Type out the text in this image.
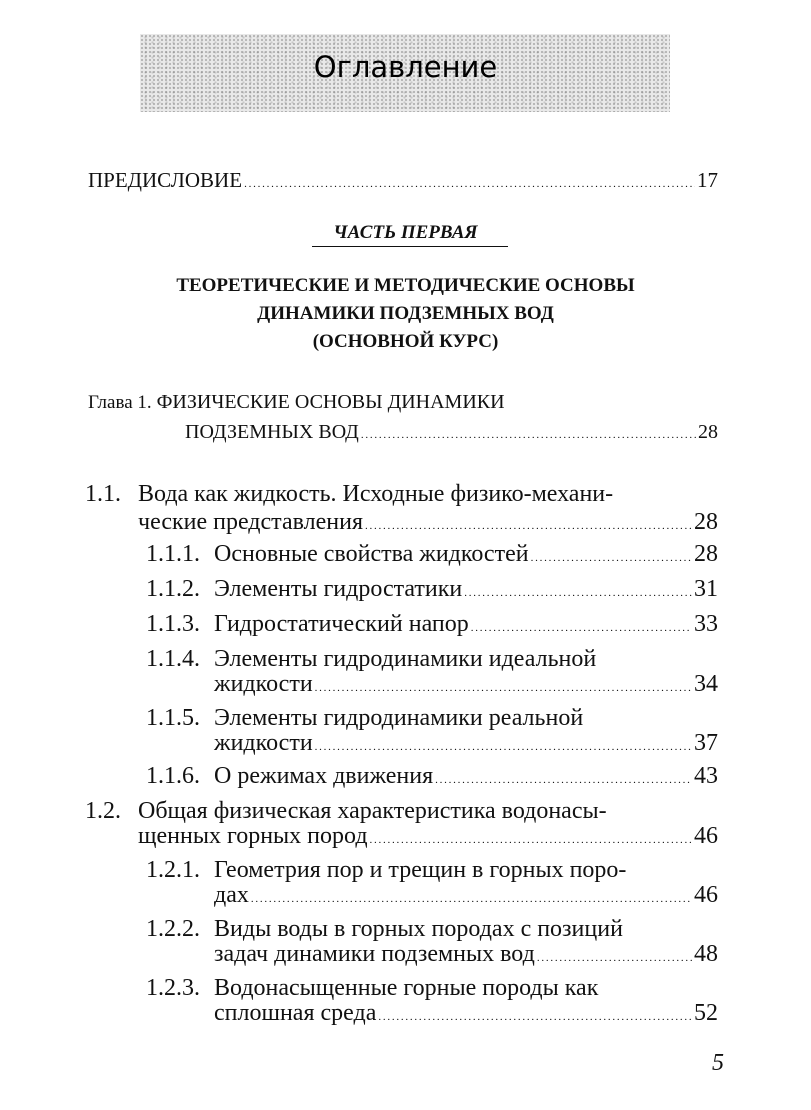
Оглавление
ПРЕДИСЛОВИЕ . . .	17
ЧАСТЬ ПЕРВАЯ
ТЕОРЕТИЧЕСКИЕ И МЕТОДИЧЕСКИЕ ОСНОВЫ
ДИНАМИКИ ПОДЗЕМНЫХ ВОД
(ОСНОВНОЙ КУРС)
Глава 1. ФИЗИЧЕСКИЕ ОСНОВЫ ДИНАМИКИ
ПОДЗЕМНЫХ ВОД . . .	28
1.1. Вода как жидкость. Исходные физико-механи-
ческие представления . . .	28
1.1.1. Основные свойства жидкостей . . .	28
1.1.2. Элементы гидростатики . . .	31
1.1.3. Гидростатический напор . . .	33
1.1.4. Элементы гидродинамики идеальной
жидкости . . .	34
1.1.5. Элементы гидродинамики реальной
жидкости . . .	37
1.1.6. О режимах движения . . .	43
1.2. Общая физическая характеристика водонасы-
щенных горных пород . . .	46
1.2.1. Геометрия пор и трещин в горных поро-
дах . . .	46
1.2.2. Виды воды в горных породах с позиций
задач динамики подземных вод . . .	48
1.2.3. Водонасыщенные горные породы как
сплошная среда . . .	52
5
